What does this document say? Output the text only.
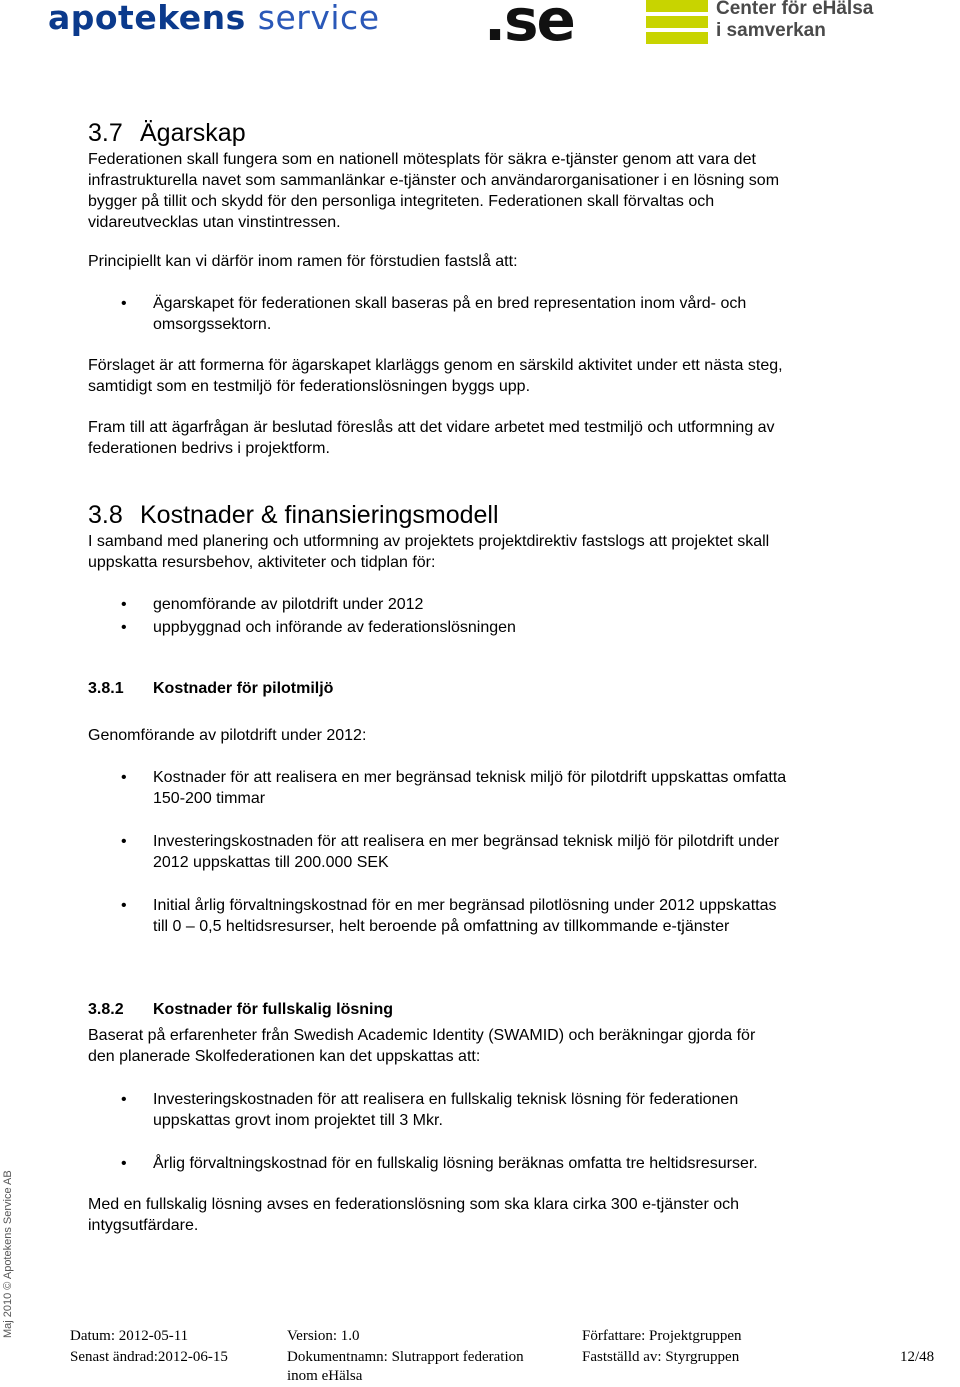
apotekens service .se	Center för eHälsa
i samverkan
3.7 Ägarskap

Federationen skall fungera som en nationell mötesplats för säkra e-tjänster genom att vara det
infrastrukturella navet som sammanlänkar e-tjänster och användarorganisationer i en lösning som
bygger på tillit och skydd för den personliga integriteten. Federationen skall förvaltas och
vidareutvecklas utan vinstintressen.

Principiellt kan vi därför inom ramen för förstudien fastslå att:

• Ägarskapet för federationen skall baseras på en bred representation inom vård- och
omsorgssektorn.

Förslaget är att formerna för ägarskapet klarläggs genom en särskild aktivitet under ett nästa steg,
samtidigt som en testmiljö för federationslösningen byggs upp.

Fram till att ägarfrågan är beslutad föreslås att det vidare arbetet med testmiljö och utformning av
federationen bedrivs i projektform.

3.8 Kostnader & finansieringsmodell

I samband med planering och utformning av projektets projektdirektiv fastslogs att projektet skall
uppskatta resursbehov, aktiviteter och tidplan för:

• genomförande av pilotdrift under 2012
• uppbyggnad och införande av federationslösningen
3.8.1 Kostnader för pilotmiljö

Genomförande av pilotdrift under 2012:

• Kostnader för att realisera en mer begränsad teknisk miljö för pilotdrift uppskattas omfatta
150-200 timmar
• Investeringskostnaden för att realisera en mer begränsad teknisk miljö för pilotdrift under
2012 uppskattas till 200.000 SEK
• Initial årlig förvaltningskostnad för en mer begränsad pilotlösning under 2012 uppskattas
till 0 – 0,5 heltidsresurser, helt beroende på omfattning av tillkommande e-tjänster
3.8.2 Kostnader för fullskalig lösning

Baserat på erfarenheter från Swedish Academic Identity (SWAMID) och beräkningar gjorda för
den planerade Skolfederationen kan det uppskattas att:

• Investeringskostnaden för att realisera en fullskalig teknisk lösning för federationen
uppskattas grovt inom projektet till 3 Mkr.
• Årlig förvaltningskostnad för en fullskalig lösning beräknas omfatta tre heltidsresurser.

Med en fullskalig lösning avses en federationslösning som ska klara cirka 300 e-tjänster och
intygsutfärdare.

Maj 2010 © Apotekens Service AB	Datum: 2012-05-11	Version: 1.0	Författare: Projektgruppen
Senast ändrad:2012-06-15	Dokumentnamn: Slutrapport federation
inom eHälsa
Fastställd av: Styrgruppen	12/48
